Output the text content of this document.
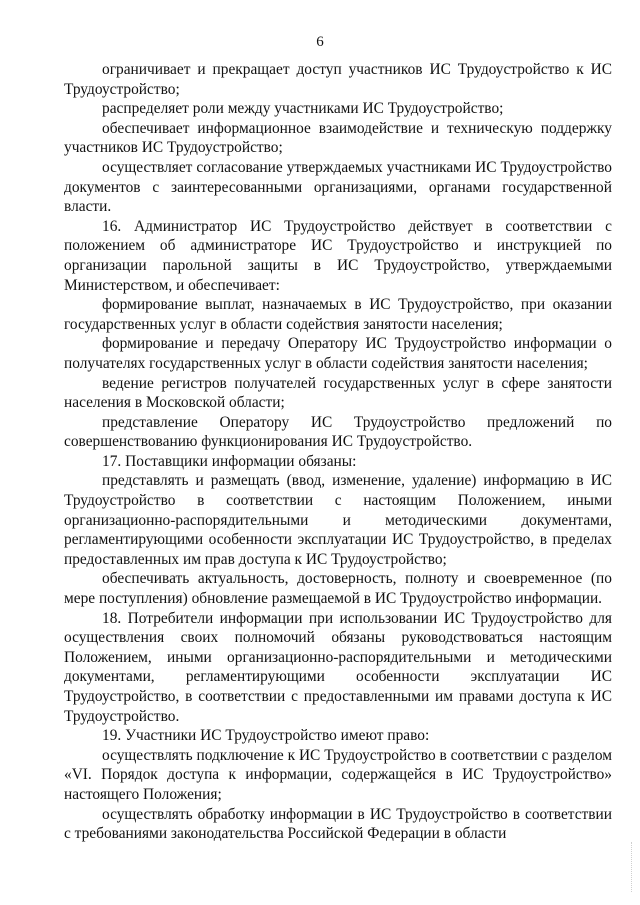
6

ограничивает и прекращает доступ участников ИС Трудоустройство к ИС Трудоустройство;

распределяет роли между участниками ИС Трудоустройство;

обеспечивает информационное взаимодействие и техническую поддержку участников ИС Трудоустройство;

осуществляет согласование утверждаемых участниками ИС Трудоустройство документов с заинтересованными организациями, органами государственной власти.

16. Администратор ИС Трудоустройство действует в соответствии с положением об администраторе ИС Трудоустройство и инструкцией по организации парольной защиты в ИС Трудоустройство, утверждаемыми Министерством, и обеспечивает:

формирование выплат, назначаемых в ИС Трудоустройство, при оказании государственных услуг в области содействия занятости населения;

формирование и передачу Оператору ИС Трудоустройство информации о получателях государственных услуг в области содействия занятости населения;

ведение регистров получателей государственных услуг в сфере занятости населения в Московской области;

представление Оператору ИС Трудоустройство предложений по совершенствованию функционирования ИС Трудоустройство.

17. Поставщики информации обязаны:

представлять и размещать (ввод, изменение, удаление) информацию в ИС Трудоустройство в соответствии с настоящим Положением, иными организационно-распорядительными и методическими документами, регламентирующими особенности эксплуатации ИС Трудоустройство, в пределах предоставленных им прав доступа к ИС Трудоустройство;

обеспечивать актуальность, достоверность, полноту и своевременное (по мере поступления) обновление размещаемой в ИС Трудоустройство информации.

18. Потребители информации при использовании ИС Трудоустройство для осуществления своих полномочий обязаны руководствоваться настоящим Положением, иными организационно-распорядительными и методическими документами, регламентирующими особенности эксплуатации ИС Трудоустройство, в соответствии с предоставленными им правами доступа к ИС Трудоустройство.

19. Участники ИС Трудоустройство имеют право:

осуществлять подключение к ИС Трудоустройство в соответствии с разделом «VI. Порядок доступа к информации, содержащейся в ИС Трудоустройство» настоящего Положения;

осуществлять обработку информации в ИС Трудоустройство в соответствии с требованиями законодательства Российской Федерации в области
